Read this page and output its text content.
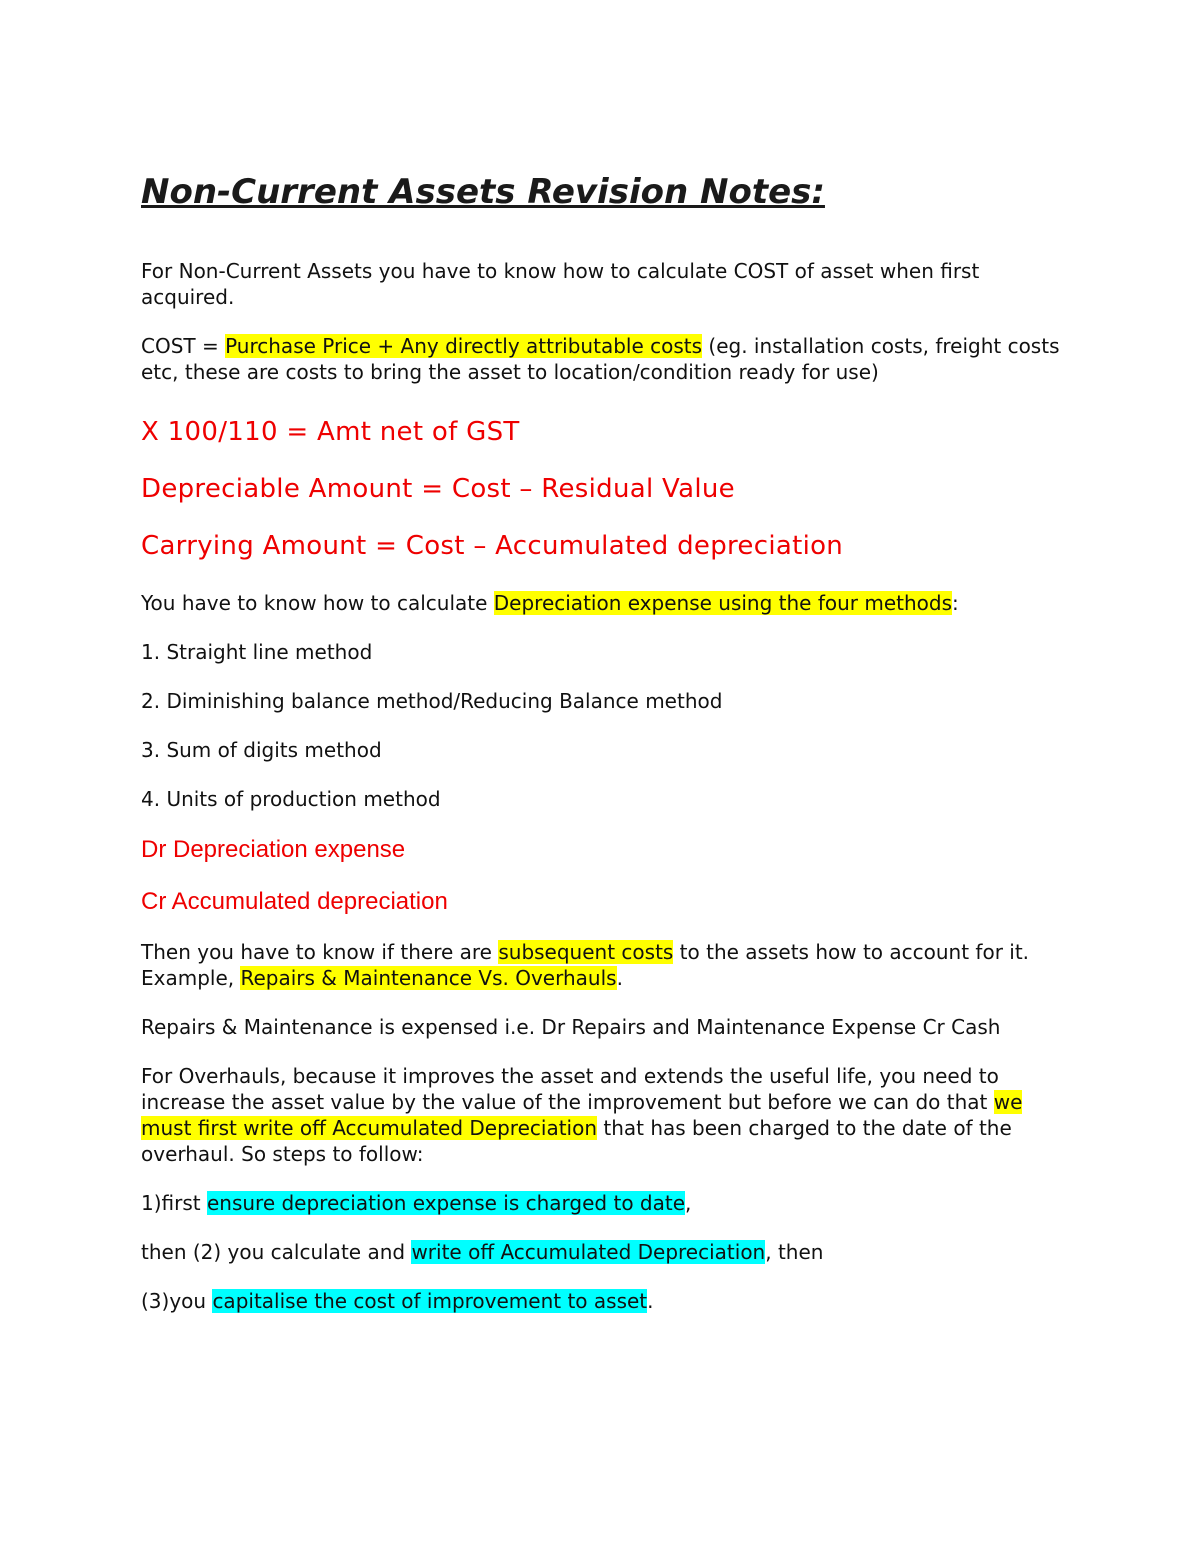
Non-Current Assets Revision Notes:

For Non-Current Assets you have to know how to calculate COST of asset when first acquired.

COST = Purchase Price + Any directly attributable costs (eg. installation costs, freight costs etc, these are costs to bring the asset to location/condition ready for use)

X 100/110 = Amt net of GST

Depreciable Amount = Cost – Residual Value

Carrying Amount = Cost – Accumulated depreciation

You have to know how to calculate Depreciation expense using the four methods:

1. Straight line method

2. Diminishing balance method/Reducing Balance method

3. Sum of digits method

4. Units of production method

Dr Depreciation expense

Cr Accumulated depreciation

Then you have to know if there are subsequent costs to the assets how to account for it. Example, Repairs & Maintenance Vs. Overhauls.

Repairs & Maintenance is expensed i.e. Dr Repairs and Maintenance Expense Cr Cash

For Overhauls, because it improves the asset and extends the useful life, you need to increase the asset value by the value of the improvement but before we can do that we must first write off Accumulated Depreciation that has been charged to the date of the overhaul. So steps to follow:

1)first ensure depreciation expense is charged to date,

then (2) you calculate and write off Accumulated Depreciation, then

(3)you capitalise the cost of improvement to asset.
